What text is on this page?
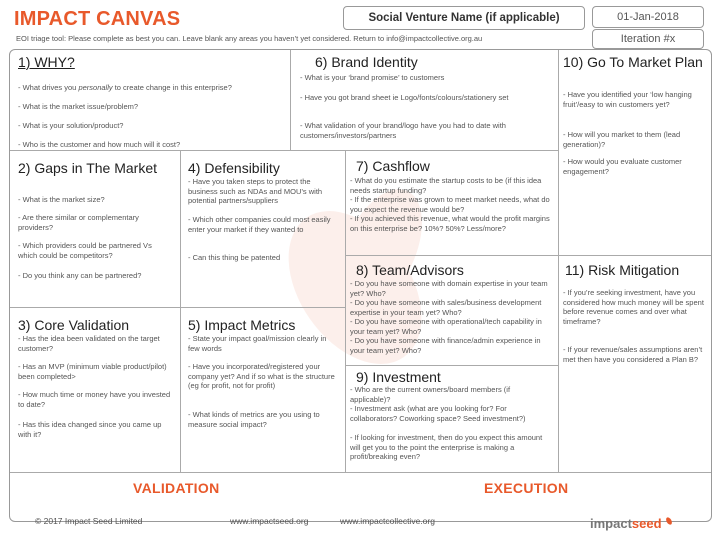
IMPACT CANVAS
EOI triage tool: Please complete as best you can. Leave blank any areas you haven’t yet considered. Return to info@impactcollective.org.au
Social Venture Name (if applicable)	01-Jan-2018
Iteration #x
1) WHY?
- What drives you personally to create change in this enterprise?
- What is the market issue/problem?
- What is your solution/product?
- Who is the customer and how much will it cost?
6) Brand Identity
- What is your ‘brand promise’ to customers
- Have you got brand sheet ie Logo/fonts/colours/stationery set
- What validation of your brand/logo have you had to date with customers/investors/partners
10) Go To Market Plan
- Have you identified your ‘low hanging fruit’/easy to win customers yet?
- How will you market to them (lead generation)?
- How would you evaluate customer engagement?
2) Gaps in The Market
- What is the market size?
- Are there similar or complementary providers?
- Which providers could be partnered Vs which could be competitors?
- Do you think any can be partnered?
4) Defensibility
- Have you taken steps to protect the business such as NDAs and MOU’s with potential partners/suppliers
- Which other companies could most easily enter your market if they wanted to
- Can this thing be patented
7) Cashflow
- What do you estimate the startup costs to be (if this idea needs startup funding?
- If the enterprise was grown to meet market needs, what do you expect the revenue would be?
- If you achieved this revenue, what would the profit margins on this enterprise be? 10%? 50%? Less/more?
8) Team/Advisors
- Do you have someone with domain expertise in your team yet? Who?
- Do you have someone with sales/business development expertise in your team yet? Who?
- Do you have someone with operational/tech capability in your team yet? Who?
- Do you have someone with finance/admin experience in your team yet? Who?
11) Risk Mitigation
- If you’re seeking investment, have you considered how much money will be spent before revenue comes and over what timeframe?
- If your revenue/sales assumptions aren’t met then have you considered a Plan B?
3) Core Validation
- Has the idea been validated on the target customer?
- Has an MVP (minimum viable product/pilot) been completed>
- How much time or money have you invested to date?
- Has this idea changed since you came up with it?
5) Impact Metrics
- State your impact goal/mission clearly in few words
- Have you incorporated/registered your company yet? And if so what is the structure (eg for profit, not for profit)
- What kinds of metrics are you using to measure social impact?
9) Investment
- Who are the current owners/board members (if applicable)?
- Investment ask (what are you looking for? For collaborators? Coworking space? Seed investment?)
- If looking for investment, then do you expect this amount will get you to the point the enterprise is making a profit/breaking even?
VALIDATION	EXECUTION
© 2017 Impact Seed Limited	www.impactseed.org	www.impactcollective.org	impactseed
